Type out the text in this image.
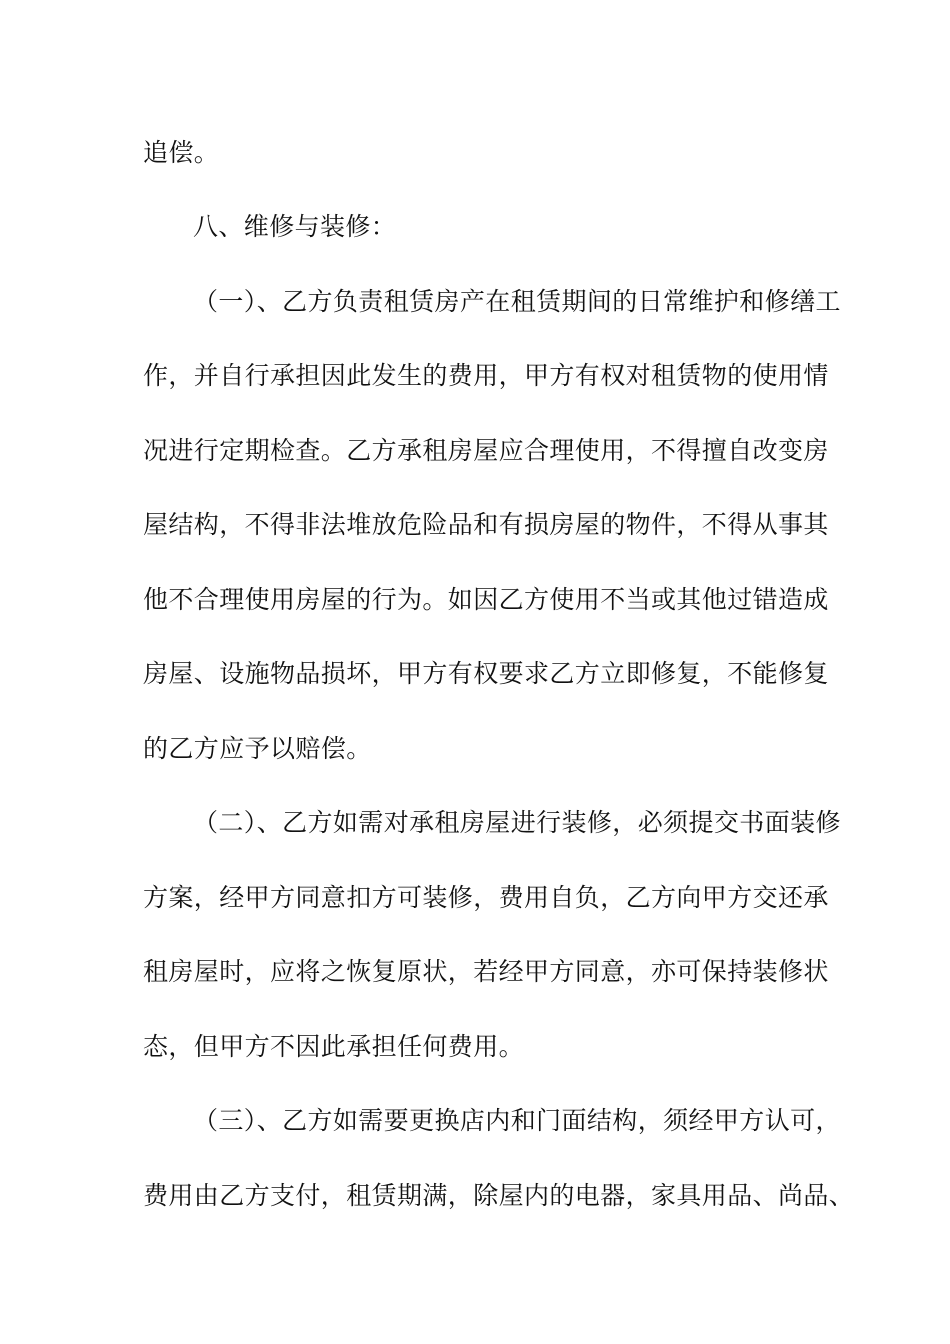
追偿。
八、维修与装修：
（一）、乙方负责租赁房产在租赁期间的日常维护和修缮工
作，并自行承担因此发生的费用，甲方有权对租赁物的使用情
况进行定期检查。乙方承租房屋应合理使用，不得擅自改变房
屋结构，不得非法堆放危险品和有损房屋的物件，不得从事其
他不合理使用房屋的行为。如因乙方使用不当或其他过错造成
房屋、设施物品损坏，甲方有权要求乙方立即修复，不能修复
的乙方应予以赔偿。
（二）、乙方如需对承租房屋进行装修，必须提交书面装修
方案，经甲方同意扣方可装修，费用自负，乙方向甲方交还承
租房屋时，应将之恢复原状，若经甲方同意，亦可保持装修状
态，但甲方不因此承担任何费用。
（三）、乙方如需要更换店内和门面结构，须经甲方认可，
费用由乙方支付，租赁期满，除屋内的电器，家具用品、尚品、
